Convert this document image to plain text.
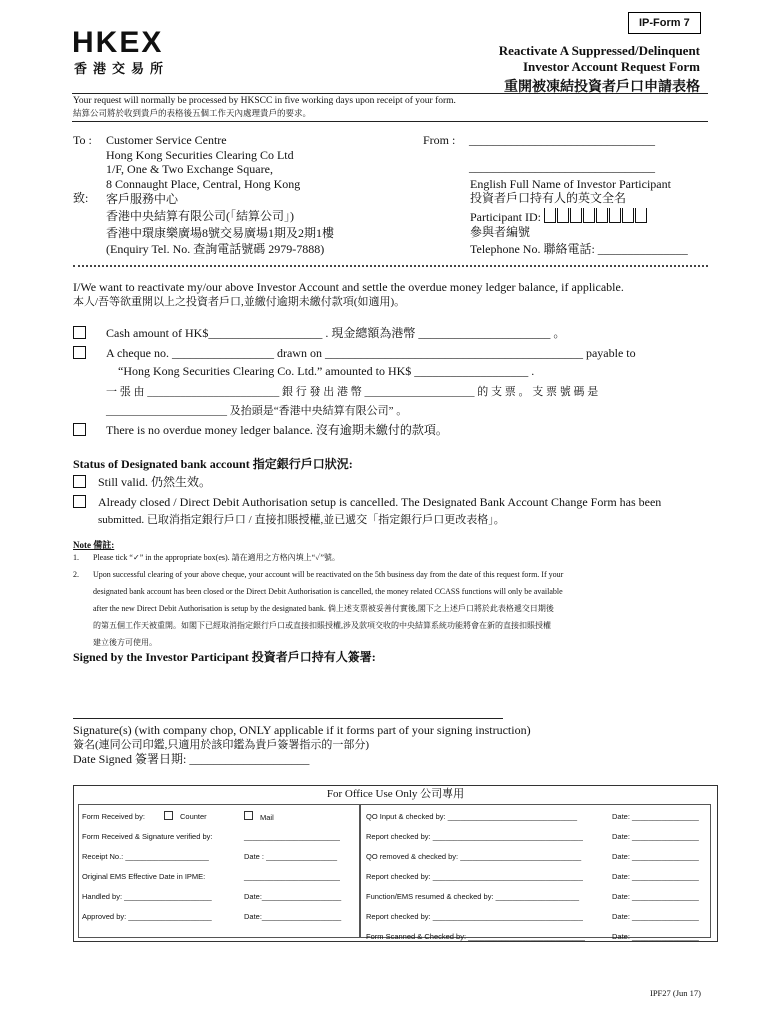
HKEX
香港交易所
IP-Form 7
Reactivate A Suppressed/Delinquent
Investor Account Request Form
重開被凍結投資者戶口申請表格
Your request will normally be processed by HKSCC in five working days upon receipt of your form.
結算公司將於收到貴戶的表格後五個工作天內處理貴戶的要求。
To : Customer Service Centre
Hong Kong Securities Clearing Co Ltd
1/F, One & Two Exchange Square,
8 Connaught Place, Central, Hong Kong
致: 客戶服務中心
香港中央結算有限公司(「結算公司」)
香港中環康樂廣場8號交易廣場1期及2期1樓
(Enquiry Tel. No. 查詢電話號碼 2979-7888)
From : _______________________________
_______________________________
English Full Name of Investor Participant
投資者戶口持有人的英文全名
Participant ID:
參與者編號
Telephone No. 聯絡電話: _______________
I/We want to reactivate my/our above Investor Account and settle the overdue money ledger balance, if applicable.
本人/吾等欲重開以上之投資者戶口,並繳付逾期未繳付款項(如適用)。
Cash amount of HK$___________________ . 現金總額為港幣 ______________________ 。
A cheque no. _________________ drawn on ___________________________________________ payable to
“Hong Kong Securities Clearing Co. Ltd.” amounted to HK$ ___________________ .
一 張 由 ________________________ 銀 行 發 出 港 幣 ____________________ 的 支 票 。 支 票 號 碼 是
______________________ 及抬頭是“香港中央結算有限公司” 。
There is no overdue money ledger balance. 沒有逾期未繳付的款項。
Status of Designated bank account 指定銀行戶口狀況:
Still valid. 仍然生效。
Already closed / Direct Debit Authorisation setup is cancelled. The Designated Bank Account Change Form has been
submitted. 已取消指定銀行戶口 / 直接扣賬授權,並已遞交「指定銀行戶口更改表格」。
Note 備註:
1. Please tick “✓” in the appropriate box(es). 請在適用之方格內填上“✓”號。
2. Upon successful clearing of your above cheque, your account will be reactivated on the 5th business day from the date of this request form. If your
designated bank account has been closed or the Direct Debit Authorisation is cancelled, the money related CCASS functions will only be available
after the new Direct Debit Authorisation is setup by the designated bank. 倘上述支票被妥善付實後,閣下之上述戶口將於此表格遞交日期後
的第五個工作天被重開。如閣下已經取消指定銀行戶口或直接扣賬授權,涉及款項交收的中央結算系統功能將會在新的直接扣賬授權
建立後方可使用。
Signed by the Investor Participant 投資者戶口持有人簽署:
Signature(s) (with company chop, ONLY applicable if it forms part of your signing instruction)
簽名(連同公司印鑑,只適用於該印鑑為貴戶簽署指示的一部分)
Date Signed 簽署日期: ____________________
For Office Use Only 公司專用
Form Received by:	Counter	Mail
Form Received & Signature verified by:	_______________________
Receipt No.: ____________________	Date : _________________
Original EMS Effective Date in IPME:	_______________________
Handled by: _____________________	Date:___________________
Approved by: ____________________	Date:___________________
QO Input & checked by: _______________________________	Date: ________________
Report checked by: ____________________________________	Date: ________________
QO removed & checked by: _____________________________	Date: ________________
Report checked by: ____________________________________	Date: ________________
Function/EMS resumed & checked by: ____________________	Date: ________________
Report checked by: ____________________________________	Date: ________________
Form Scanned & Checked by: ____________________________	Date: ________________
IPF27 (Jun 17)
